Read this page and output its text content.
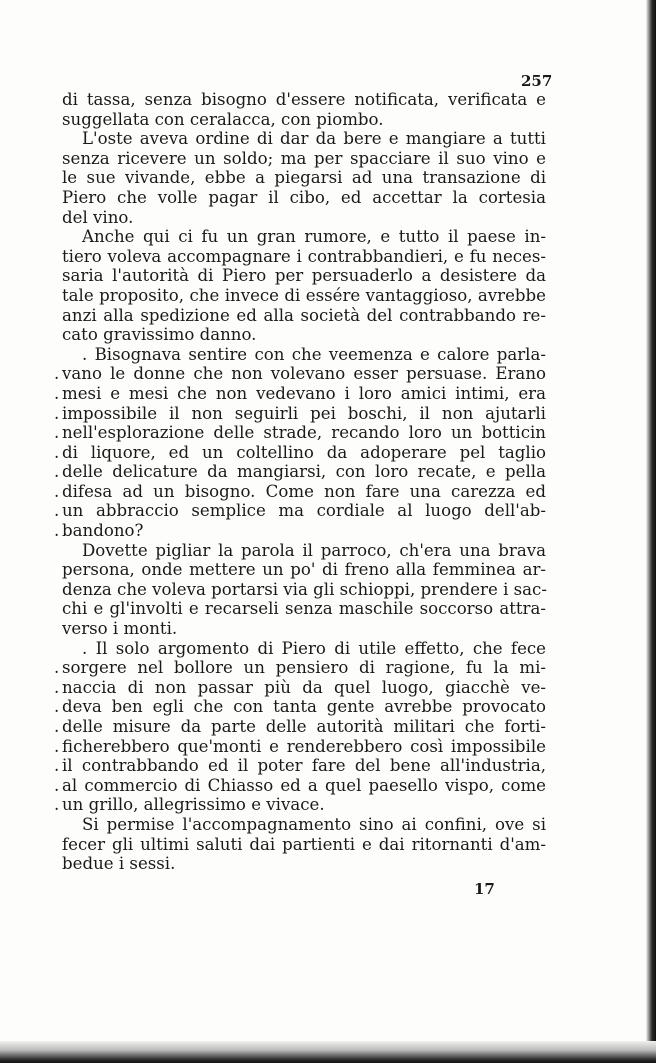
257
di tassa, senza bisogno d'essere notificata, verificata e
suggellata con ceralacca, con piombo.
L'oste aveva ordine di dar da bere e mangiare a tutti
senza ricevere un soldo; ma per spacciare il suo vino e
le sue vivande, ebbe a piegarsi ad una transazione di
Piero che volle pagar il cibo, ed accettar la cortesia
del vino.
Anche qui ci fu un gran rumore, e tutto il paese in-
tiero voleva accompagnare i contrabbandieri, e fu neces-
saria l'autorità di Piero per persuaderlo a desistere da
tale proposito, che invece di essére vantaggioso, avrebbe
anzi alla spedizione ed alla società del contrabbando re-
cato gravissimo danno.
. Bisognava sentire con che veemenza e calore parla-
. vano le donne che non volevano esser persuase. Erano
. mesi e mesi che non vedevano i loro amici intimi, era
. impossibile il non seguirli pei boschi, il non ajutarli
. nell'esplorazione delle strade, recando loro un botticin
. di liquore, ed un coltellino da adoperare pel taglio
. delle delicature da mangiarsi, con loro recate, e pella
. difesa ad un bisogno. Come non fare una carezza ed
. un abbraccio semplice ma cordiale al luogo dell'ab-
. bandono?
Dovette pigliar la parola il parroco, ch'era una brava
persona, onde mettere un po' di freno alla femminea ar-
denza che voleva portarsi via gli schioppi, prendere i sac-
chi e gl'involti e recarseli senza maschile soccorso attra-
verso i monti.
. Il solo argomento di Piero di utile effetto, che fece
. sorgere nel bollore un pensiero di ragione, fu la mi-
. naccia di non passar più da quel luogo, giacchè ve-
. deva ben egli che con tanta gente avrebbe provocato
. delle misure da parte delle autorità militari che forti-
. ficherebbero que'monti e renderebbero così impossibile
. il contrabbando ed il poter fare del bene all'industria,
. al commercio di Chiasso ed a quel paesello vispo, come
. un grillo, allegrissimo e vivace.
Si permise l'accompagnamento sino ai confini, ove si
fecer gli ultimi saluti dai partienti e dai ritornanti d'am-
bedue i sessi.
17
